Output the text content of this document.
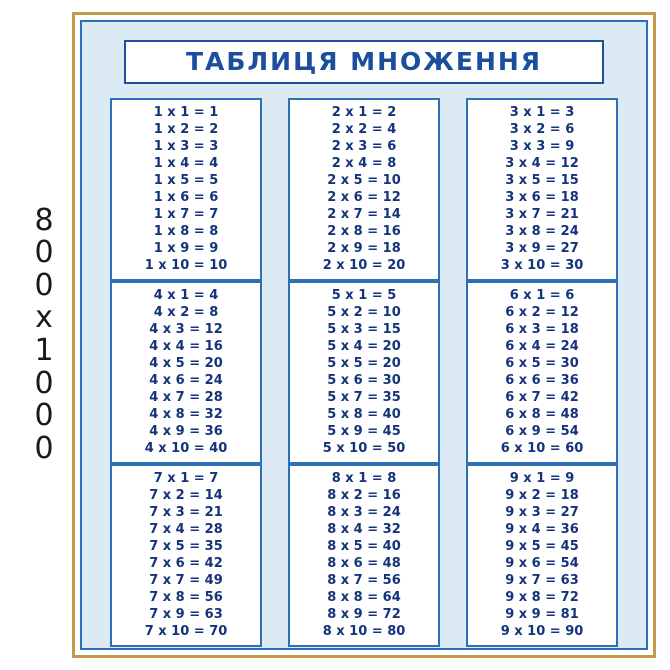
8
0
0
x
1
0
0
0
ТАБЛИЦЯ МНОЖЕННЯ
1 x 1 = 1
1 x 2 = 2
1 x 3 = 3
1 x 4 = 4
1 x 5 = 5
1 x 6 = 6
1 x 7 = 7
1 x 8 = 8
1 x 9 = 9
1 x 10 = 10
2 x 1 = 2
2 x 2 = 4
2 x 3 = 6
2 x 4 = 8
2 x 5 = 10
2 x 6 = 12
2 x 7 = 14
2 x 8 = 16
2 x 9 = 18
2 x 10 = 20
3 x 1 = 3
3 x 2 = 6
3 x 3 = 9
3 x 4 = 12
3 x 5 = 15
3 x 6 = 18
3 x 7 = 21
3 x 8 = 24
3 x 9 = 27
3 x 10 = 30
4 x 1 = 4
4 x 2 = 8
4 x 3 = 12
4 x 4 = 16
4 x 5 = 20
4 x 6 = 24
4 x 7 = 28
4 x 8 = 32
4 x 9 = 36
4 x 10 = 40
5 x 1 = 5
5 x 2 = 10
5 x 3 = 15
5 x 4 = 20
5 x 5 = 20
5 x 6 = 30
5 x 7 = 35
5 x 8 = 40
5 x 9 = 45
5 x 10 = 50
6 x 1 = 6
6 x 2 = 12
6 x 3 = 18
6 x 4 = 24
6 x 5 = 30
6 x 6 = 36
6 x 7 = 42
6 x 8 = 48
6 x 9 = 54
6 x 10 = 60
7 x 1 = 7
7 x 2 = 14
7 x 3 = 21
7 x 4 = 28
7 x 5 = 35
7 x 6 = 42
7 x 7 = 49
7 x 8 = 56
7 x 9 = 63
7 x 10 = 70
8 x 1 = 8
8 x 2 = 16
8 x 3 = 24
8 x 4 = 32
8 x 5 = 40
8 x 6 = 48
8 x 7 = 56
8 x 8 = 64
8 x 9 = 72
8 x 10 = 80
9 x 1 = 9
9 x 2 = 18
9 x 3 = 27
9 x 4 = 36
9 x 5 = 45
9 x 6 = 54
9 x 7 = 63
9 x 8 = 72
9 x 9 = 81
9 x 10 = 90
